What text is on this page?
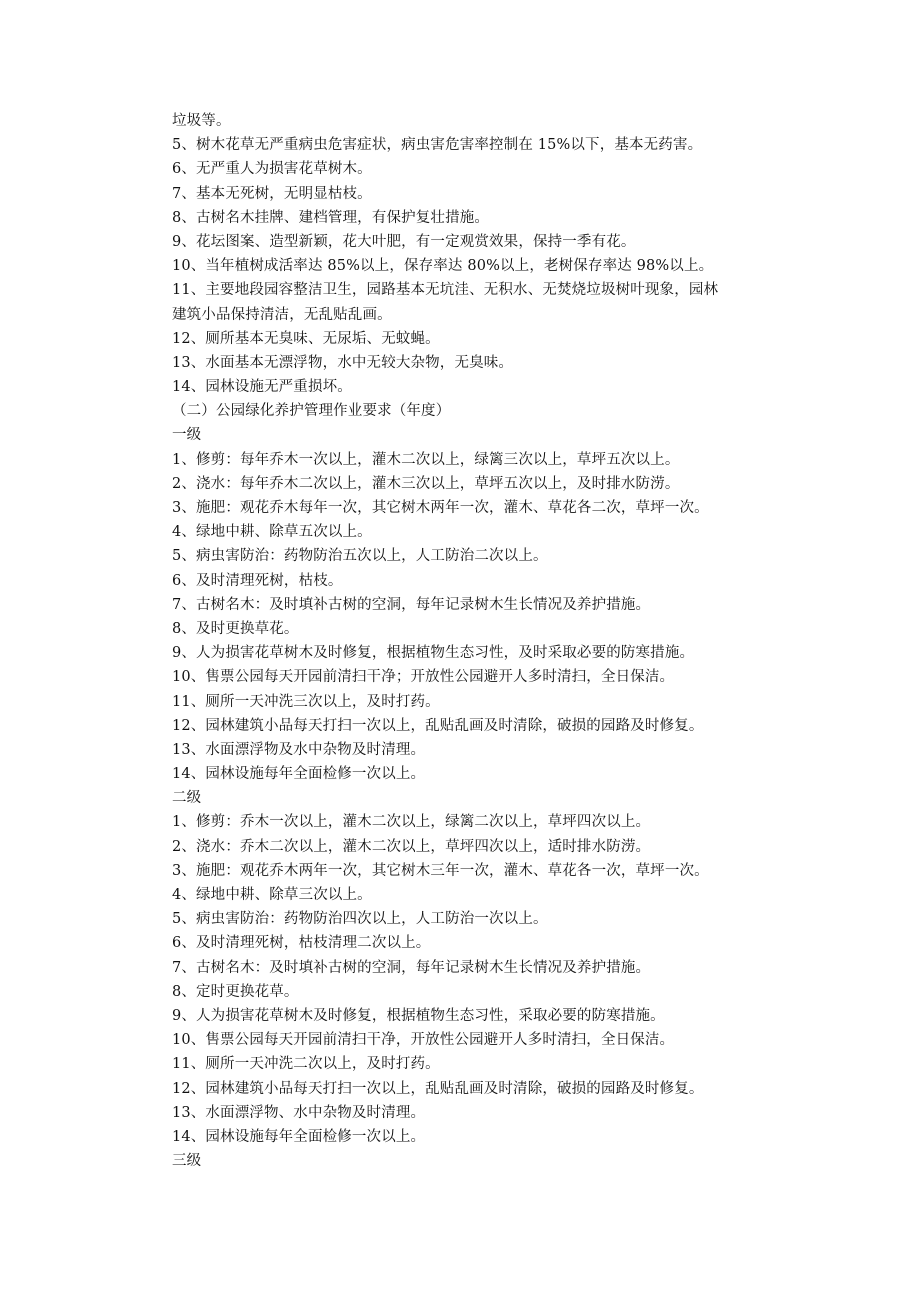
垃圾等。
5、树木花草无严重病虫危害症状，病虫害危害率控制在 15%以下，基本无药害。
6、无严重人为损害花草树木。
7、基本无死树，无明显枯枝。
8、古树名木挂牌、建档管理，有保护复壮措施。
9、花坛图案、造型新颖，花大叶肥，有一定观赏效果，保持一季有花。
10、当年植树成活率达 85%以上，保存率达 80%以上，老树保存率达 98%以上。
11、主要地段园容整洁卫生，园路基本无坑洼、无积水、无焚烧垃圾树叶现象，园林
建筑小品保持清洁，无乱贴乱画。
12、厕所基本无臭味、无尿垢、无蚊蝇。
13、水面基本无漂浮物，水中无较大杂物，无臭味。
14、园林设施无严重损坏。
（二）公园绿化养护管理作业要求（年度）
一级
1、修剪：每年乔木一次以上，灌木二次以上，绿篱三次以上，草坪五次以上。
2、浇水：每年乔木二次以上，灌木三次以上，草坪五次以上，及时排水防涝。
3、施肥：观花乔木每年一次，其它树木两年一次，灌木、草花各二次，草坪一次。
4、绿地中耕、除草五次以上。
5、病虫害防治：药物防治五次以上，人工防治二次以上。
6、及时清理死树，枯枝。
7、古树名木：及时填补古树的空洞，每年记录树木生长情况及养护措施。
8、及时更换草花。
9、人为损害花草树木及时修复，根据植物生态习性，及时采取必要的防寒措施。
10、售票公园每天开园前清扫干净；开放性公园避开人多时清扫，全日保洁。
11、厕所一天冲洗三次以上，及时打药。
12、园林建筑小品每天打扫一次以上，乱贴乱画及时清除，破损的园路及时修复。
13、水面漂浮物及水中杂物及时清理。
14、园林设施每年全面检修一次以上。
二级
1、修剪：乔木一次以上，灌木二次以上，绿篱二次以上，草坪四次以上。
2、浇水：乔木二次以上，灌木二次以上，草坪四次以上，适时排水防涝。
3、施肥：观花乔木两年一次，其它树木三年一次，灌木、草花各一次，草坪一次。
4、绿地中耕、除草三次以上。
5、病虫害防治：药物防治四次以上，人工防治一次以上。
6、及时清理死树，枯枝清理二次以上。
7、古树名木：及时填补古树的空洞，每年记录树木生长情况及养护措施。
8、定时更换花草。
9、人为损害花草树木及时修复，根据植物生态习性，采取必要的防寒措施。
10、售票公园每天开园前清扫干净，开放性公园避开人多时清扫，全日保洁。
11、厕所一天冲洗二次以上，及时打药。
12、园林建筑小品每天打扫一次以上，乱贴乱画及时清除，破损的园路及时修复。
13、水面漂浮物、水中杂物及时清理。
14、园林设施每年全面检修一次以上。
三级
